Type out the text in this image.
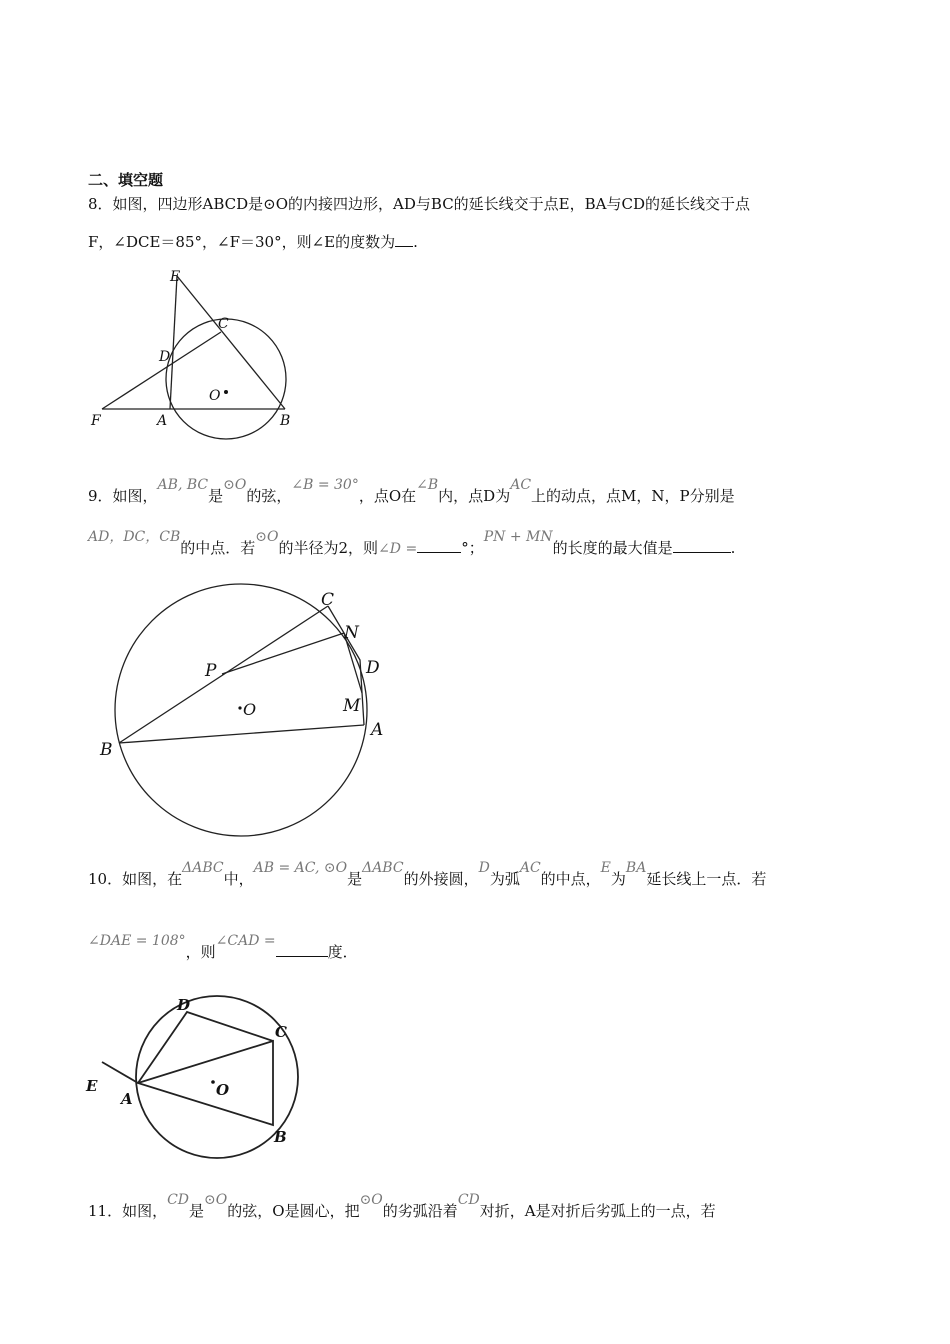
二、填空题
8．如图，四边形ABCD是⊙O的内接四边形，AD与BC的延长线交于点E，BA与CD的延长线交于点
F，∠DCE＝85°，∠F＝30°，则∠E的度数为 .
E
C
D
O
F	A	B
9．如图，AB, BC是⊙O的弦，∠B = 30°，点O在∠B内，点D为AC上的动点，点M，N，P分别是
AD，DC，CB的中点．若⊙O的半径为2，则∠D =	°；PN + MN的长度的最大值是	.
C
N
D
P
O	M
A
B
10．如图，在ΔABC中，AB = AC, ⊙O是ΔABC的外接圆，D为弧AC的中点，E为BA延长线上一点．若
∠DAE = 108°，则∠CAD =度．
D
C
E
A	O
B
11．如图，CD是⊙O的弦，O是圆心，把⊙O的劣弧沿着CD对折，A是对折后劣弧上的一点，若
